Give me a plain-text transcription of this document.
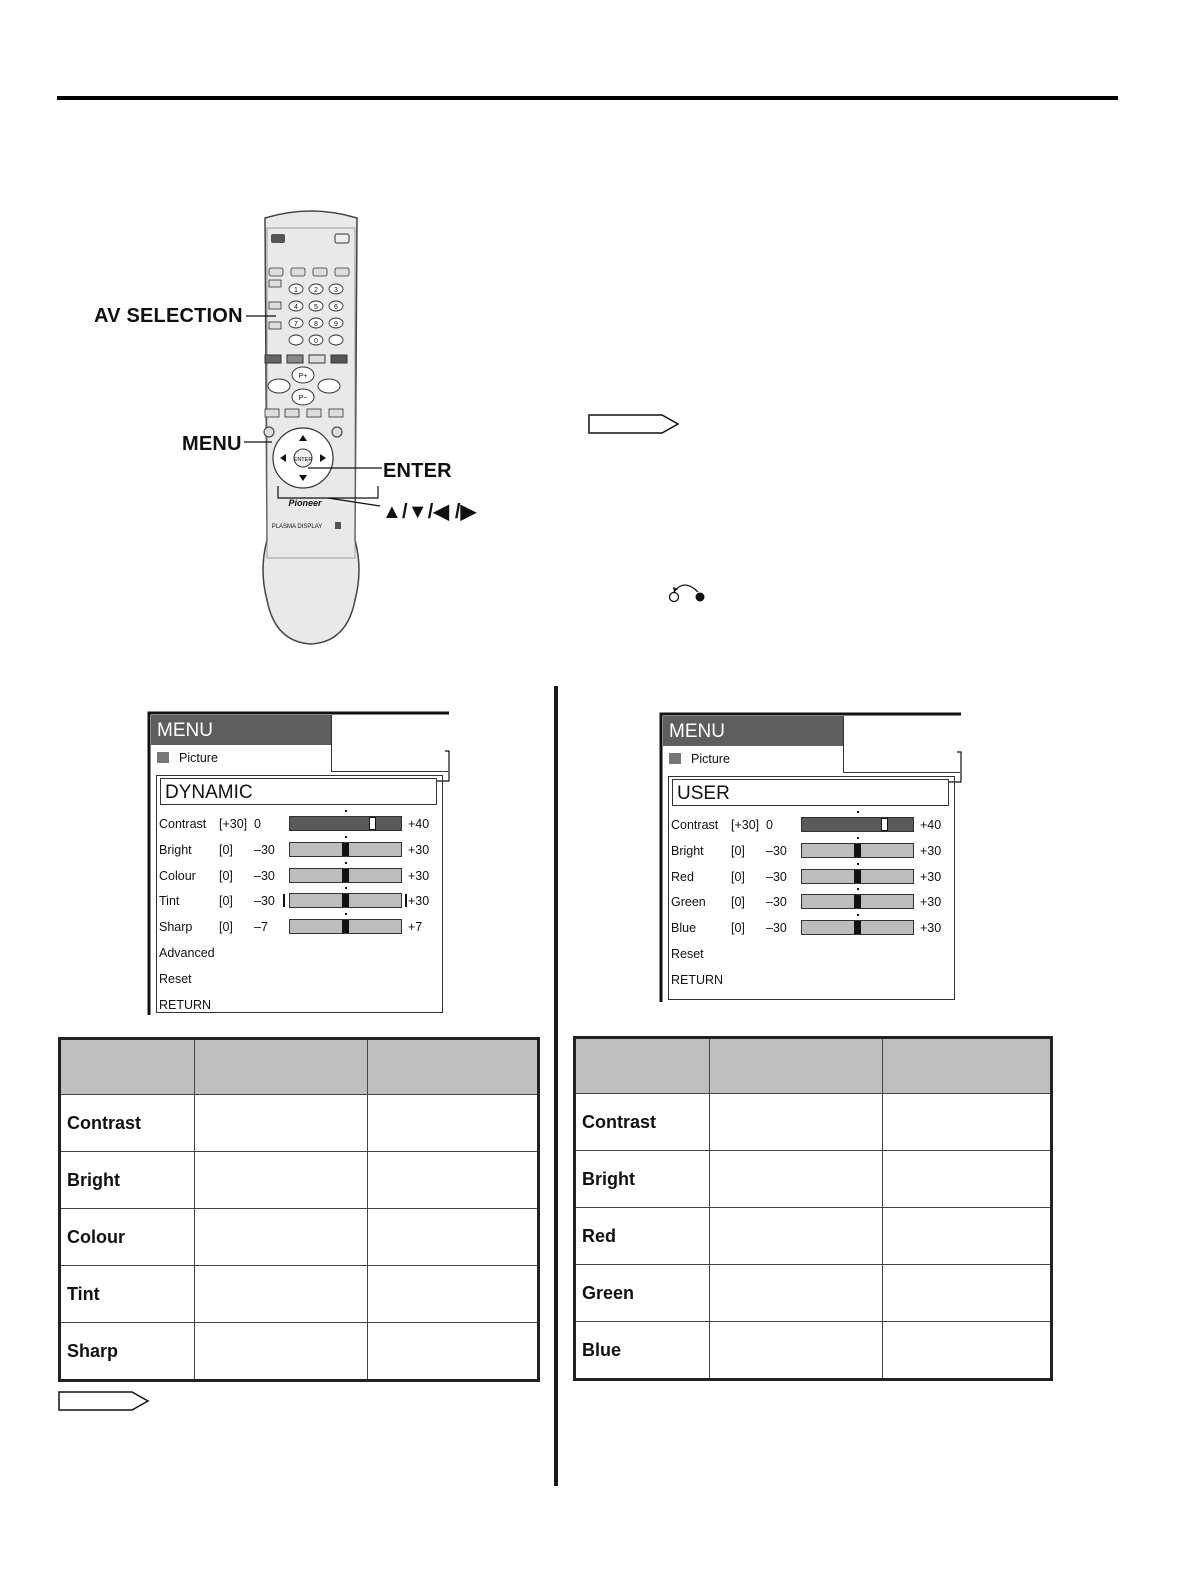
1 2 3
4 5 6
7 8 9
0
P+
P−
ENTER
Pioneer
PLASMA DISPLAY
AV SELECTION
MENU
ENTER
▲/▼/◀ /▶
MENU
Picture
DYNAMIC
Contrast [+30] 0	+40
Bright [0] –30	+30
Colour [0] –30	+30
Tint	[0] –30	+30
Sharp [0] –7	+7
Advanced
Reset
RETURN
MENU
Picture
USER
Contrast [+30] 0	+40
Bright [0] –30	+30
Red	[0] –30	+30
Green [0] –30	+30
Blue	[0] –30	+30
Reset
RETURN

Contrast		
Bright		
Colour		
Tint		
Sharp		

Contrast		
Bright		
Red		
Green		
Blue		
